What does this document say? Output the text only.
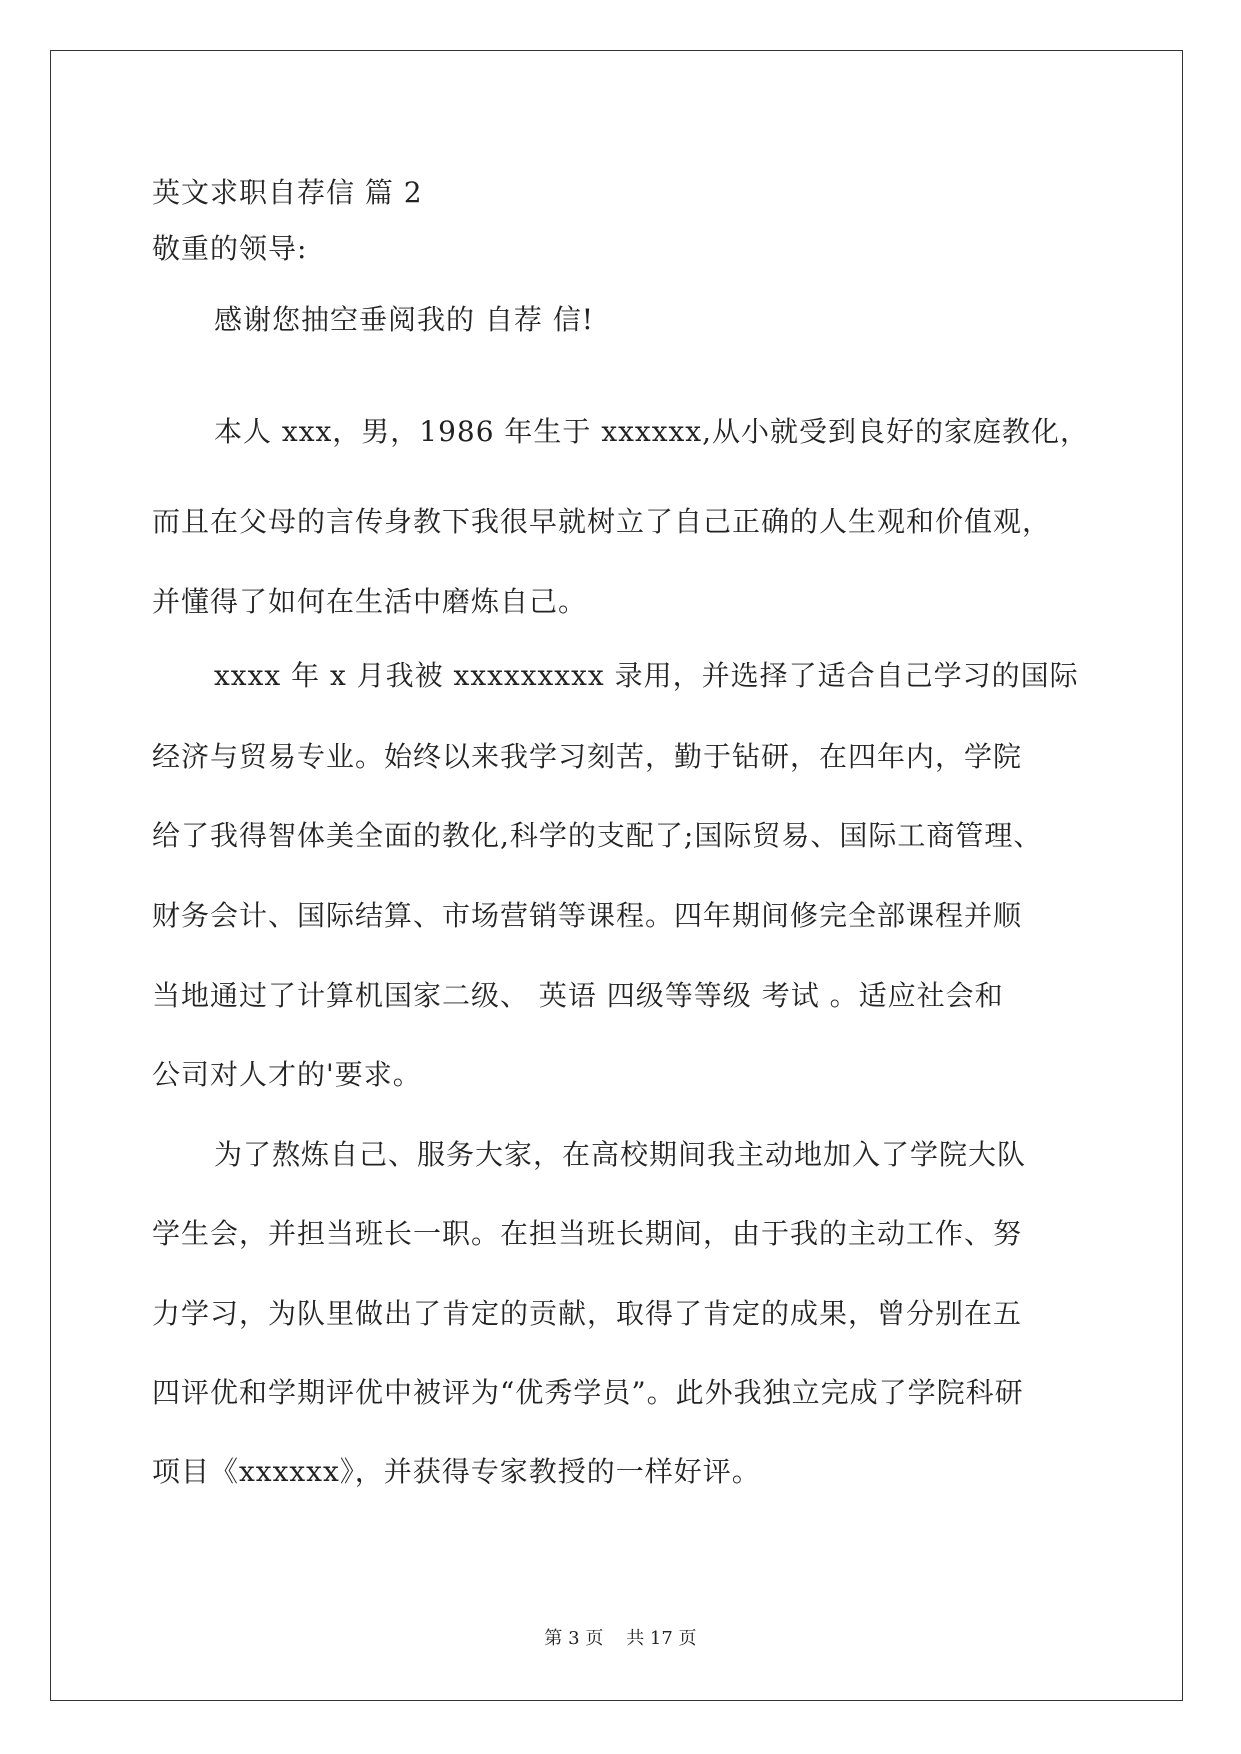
英文求职自荐信 篇 2
敬重的领导:
感谢您抽空垂阅我的 自荐 信!
本人 xxx，男，1986 年生于 xxxxxx,从小就受到良好的家庭教化，
而且在父母的言传身教下我很早就树立了自己正确的人生观和价值观，
并懂得了如何在生活中磨炼自己。
xxxx 年 x 月我被 xxxxxxxxx 录用，并选择了适合自己学习的国际
经济与贸易专业。始终以来我学习刻苦，勤于钻研，在四年内，学院
给了我得智体美全面的教化,科学的支配了;国际贸易、国际工商管理、
财务会计、国际结算、市场营销等课程。四年期间修完全部课程并顺
当地通过了计算机国家二级、 英语 四级等等级 考试 。适应社会和
公司对人才的'要求。
为了熬炼自己、服务大家，在高校期间我主动地加入了学院大队
学生会，并担当班长一职。在担当班长期间，由于我的主动工作、努
力学习，为队里做出了肯定的贡献，取得了肯定的成果，曾分别在五
四评优和学期评优中被评为“优秀学员”。此外我独立完成了学院科研
项目《xxxxxx》，并获得专家教授的一样好评。
第 3 页    共 17 页
